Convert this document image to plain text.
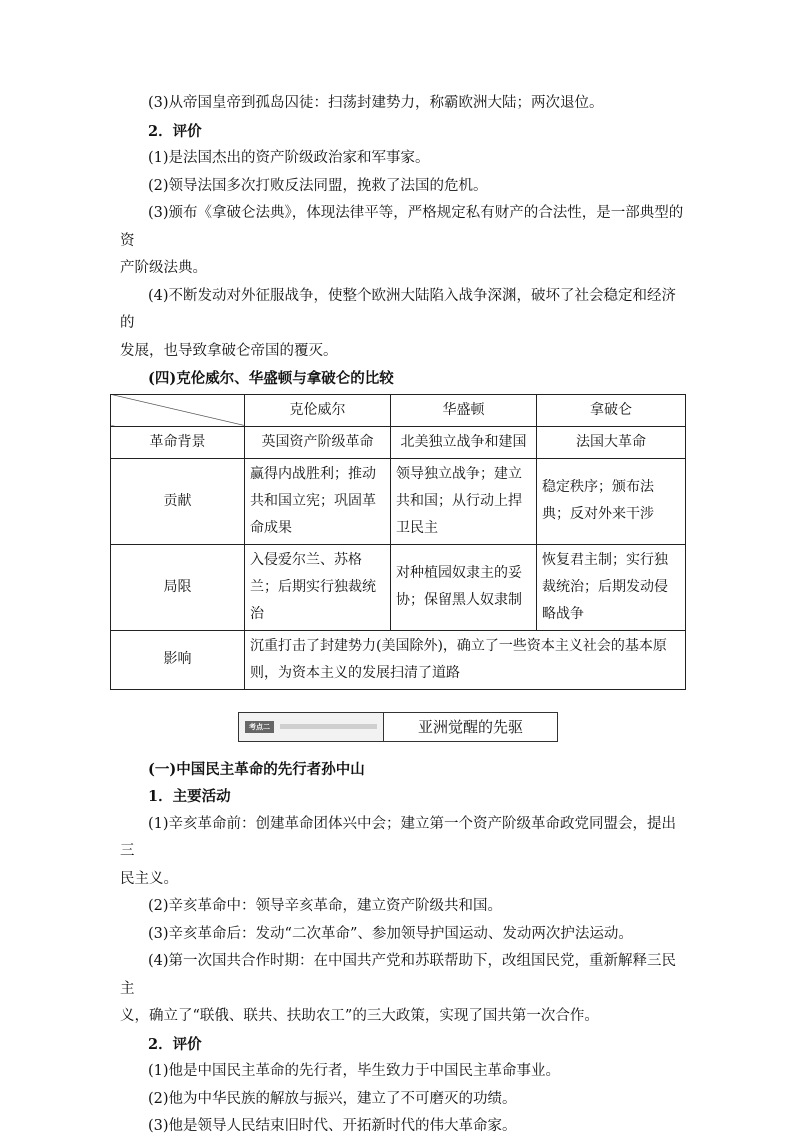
(3)从帝国皇帝到孤岛囚徒：扫荡封建势力，称霸欧洲大陆；两次退位。

2．评价

(1)是法国杰出的资产阶级政治家和军事家。

(2)领导法国多次打败反法同盟，挽救了法国的危机。

(3)颁布《拿破仑法典》，体现法律平等，严格规定私有财产的合法性，是一部典型的资

产阶级法典。

(4)不断发动对外征服战争，使整个欧洲大陆陷入战争深渊，破坏了社会稳定和经济的

发展，也导致拿破仑帝国的覆灭。

(四)克伦威尔、华盛顿与拿破仑的比较

	克伦威尔	华盛顿	拿破仑
革命背景	英国资产阶级革命	北美独立战争和建国	法国大革命
贡献	赢得内战胜利；推动共和国立宪；巩固革命成果	领导独立战争；建立共和国；从行动上捍卫民主	稳定秩序；颁布法典；反对外来干涉
局限	入侵爱尔兰、苏格兰；后期实行独裁统治	对种植园奴隶主的妥协；保留黑人奴隶制	恢复君主制；实行独裁统治；后期发动侵略战争
影响	沉重打击了封建势力(美国除外)，确立了一些资本主义社会的基本原则，为资本主义的发展扫清了道路		
考点二	亚洲觉醒的先驱

(一)中国民主革命的先行者孙中山

1．主要活动

(1)辛亥革命前：创建革命团体兴中会；建立第一个资产阶级革命政党同盟会，提出三

民主义。

(2)辛亥革命中：领导辛亥革命，建立资产阶级共和国。

(3)辛亥革命后：发动“二次革命”、参加领导护国运动、发动两次护法运动。

(4)第一次国共合作时期：在中国共产党和苏联帮助下，改组国民党，重新解释三民主

义，确立了“联俄、联共、扶助农工”的三大政策，实现了国共第一次合作。

2．评价

(1)他是中国民主革命的先行者，毕生致力于中国民主革命事业。

(2)他为中华民族的解放与振兴，建立了不可磨灭的功绩。

(3)他是领导人民结束旧时代、开拓新时代的伟大革命家。
